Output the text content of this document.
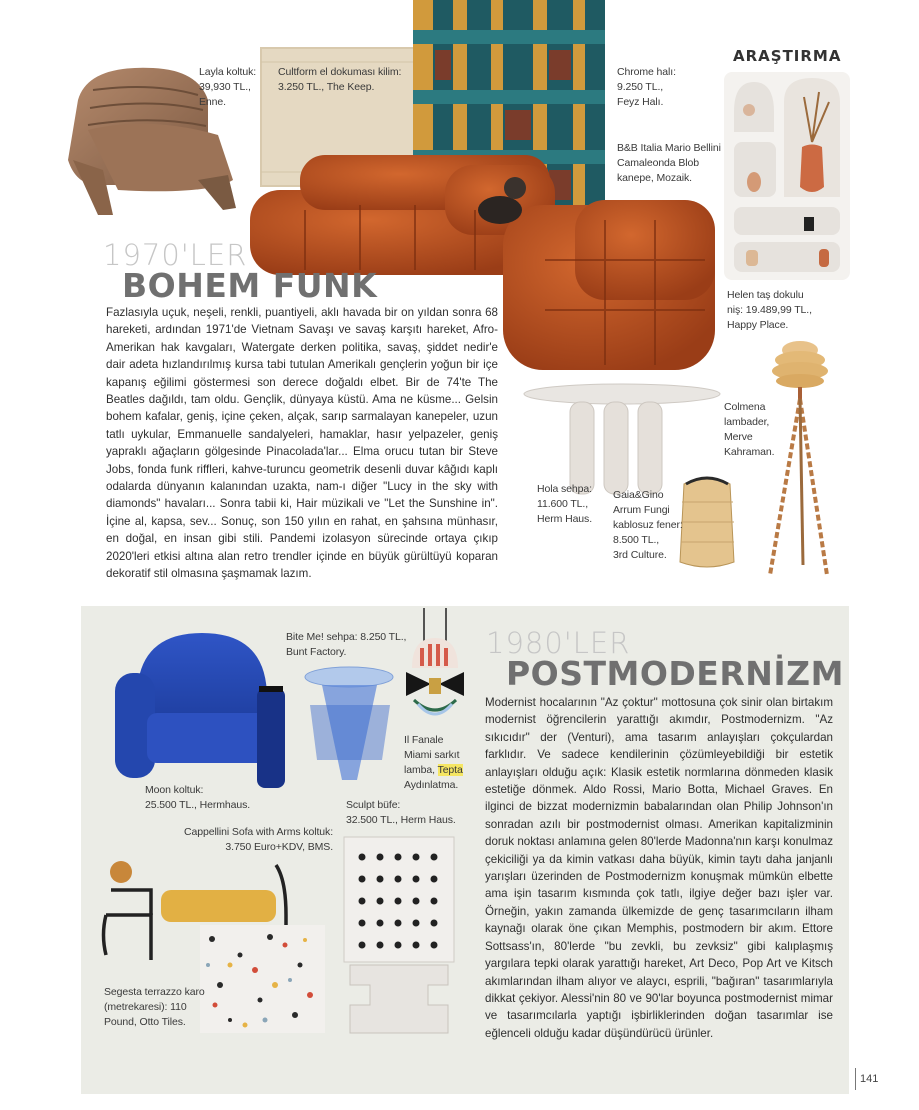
ARAŞTIRMA
Layla koltuk:
39,930 TL.,
Enne.
Cultform el dokuması kilim:
3.250 TL., The Keep.
Chrome halı:
9.250 TL.,
Feyz Halı.
B&B Italia Mario Bellini
Camaleonda Blob
kanepe, Mozaik.
Helen taş dokulu
niş: 19.489,99 TL.,
Happy Place.
Colmena
lambader,
Merve
Kahraman.
Hola sehpa:
11.600 TL.,
Herm Haus.
Gaia&Gino
Arrum Fungi
kablosuz fener:
8.500 TL.,
3rd Culture.
1970'LER
BOHEM FUNK
Fazlasıyla uçuk, neşeli, renkli, puantiyeli, aklı havada bir on yıldan sonra 68 hareketi, ardından 1971'de Vietnam Savaşı ve savaş karşıtı hareket, Afro-Amerikan hak kavgaları, Watergate derken politika, savaş, şiddet nedir'e dair adeta hızlandırılmış kursa tabi tutulan Amerikalı gençlerin yoğun bir içe kapanış eğilimi göstermesi son derece doğaldı elbet. Bir de 74'te The Beatles dağıldı, tam oldu. Gençlik, dünyaya küstü. Ama ne küsme... Gelsin bohem kafalar, geniş, içine çeken, alçak, sarıp sarmalayan kanepeler, uzun tatlı uykular, Emmanuelle sandalyeleri, hamaklar, hasır yelpazeler, geniş yapraklı ağaçların gölgesinde Pinacolada'lar... Elma orucu tutan bir Steve Jobs, fonda funk riffleri, kahve-turuncu geometrik desenli duvar kâğıdı kaplı odalarda dünyanın kalanından uzakta, nam-ı diğer "Lucy in the sky with diamonds" havaları... Sonra tabii ki, Hair müzikali ve "Let the Sunshine in". İçine al, kapsa, sev... Sonuç, son 150 yılın en rahat, en şahsına münhasır, en doğal, en insan gibi stili. Pandemi izolasyon sürecinde ortaya çıkıp 2020'leri etkisi altına alan retro trendler içinde en büyük gürültüyü koparan dekoratif stil olmasına şaşmamak lazım.
Bite Me! sehpa: 8.250 TL.,
Bunt Factory.
Il Fanale
Miami sarkıt
lamba, Tepta
Aydınlatma.
Moon koltuk:
25.500 TL., Hermhaus.	Sculpt büfe:
32.500 TL., Herm Haus.
Cappellini Sofa with Arms koltuk:
3.750 Euro+KDV, BMS.
Segesta terrazzo karo
(metrekaresi): 110
Pound, Otto Tiles.
1980'LER
POSTMODERNİZM
Modernist hocalarının "Az çoktur" mottosuna çok sinir olan birtakım modernist öğrencilerin yarattığı akımdır, Postmodernizm. "Az sıkıcıdır" der (Venturi), ama tasarım anlayışları çokçulardan farklıdır. Ve sadece kendilerinin çözümleyebildiği bir estetik anlayışları olduğu açık: Klasik estetik normlarına dönmeden klasik estetiğe dönmek. Aldo Rossi, Mario Botta, Michael Graves. En ilginci de bizzat modernizmin babalarından olan Philip Johnson'ın sonradan azılı bir postmodernist olması. Amerikan kapitalizminin doruk noktası anlamına gelen 80'lerde Madonna'nın karşı konulmaz çekiciliği ya da kimin vatkası daha büyük, kimin taytı daha janjanlı yarışları üzerinden de Postmodernizm konuşmak mümkün elbette ama işin tasarım kısmında çok tatlı, ilgiye değer bazı işler var. Örneğin, yakın zamanda ülkemizde de genç tasarımcıların ilham kaynağı olarak öne çıkan Memphis, postmodern bir akım. Ettore Sottsass'ın, 80'lerde "bu zevkli, bu zevksiz" gibi kalıplaşmış yargılara tepki olarak yarattığı hareket, Art Deco, Pop Art ve Kitsch akımlarından ilham alıyor ve alaycı, esprili, "bağıran" tasarımlarıyla dikkat çekiyor. Alessi'nin 80 ve 90'lar boyunca postmodernist mimar ve tasarımcılarla yaptığı işbirliklerinden doğan tasarımlar ise eğlenceli olduğu kadar düşündürücü ürünler.
141
